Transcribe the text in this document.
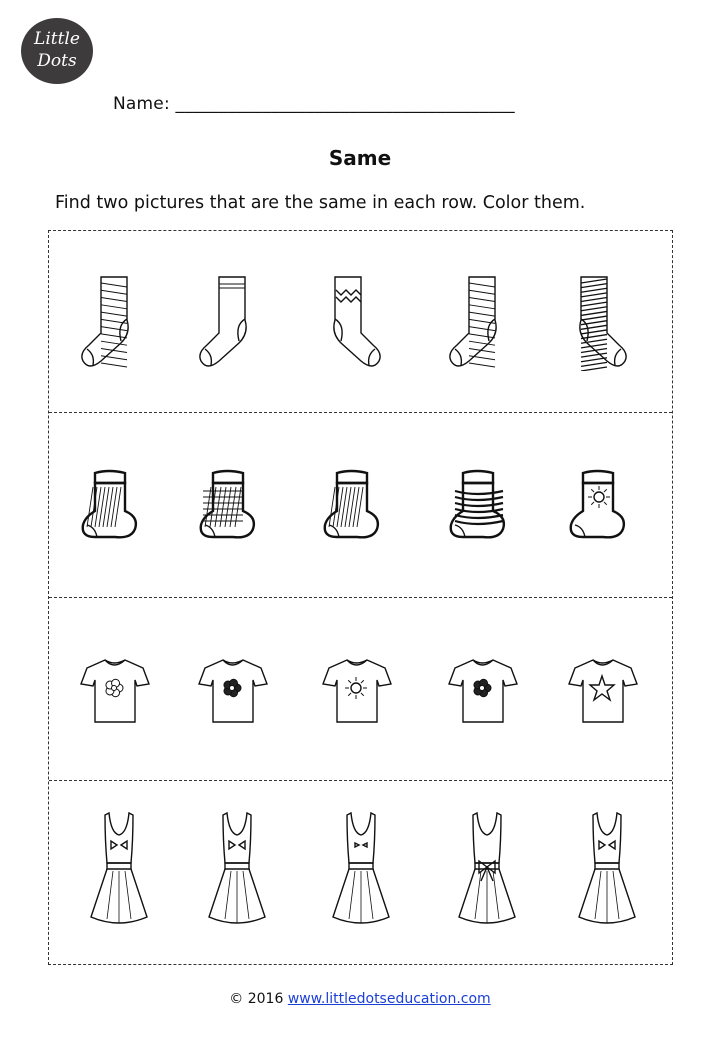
Little
Dots
Name: _______________________________________
Same
Find two pictures that are the same in each row. Color them.
© 2016 www.littledotseducation.com
